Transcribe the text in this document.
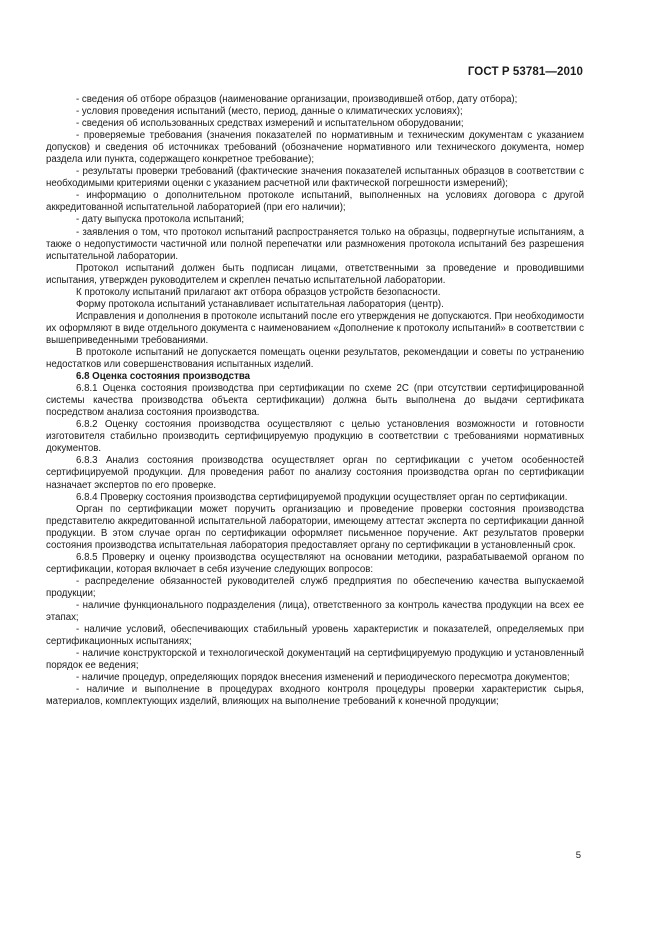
ГОСТ Р 53781—2010

- сведения об отборе образцов (наименование организации, производившей отбор, дату отбора);

- условия проведения испытаний (место, период, данные о климатических условиях);

- сведения об использованных средствах измерений и испытательном оборудовании;

- проверяемые требования (значения показателей по нормативным и техническим документам с указанием допусков) и сведения об источниках требований (обозначение нормативного или технического документа, номер раздела или пункта, содержащего конкретное требование);

- результаты проверки требований (фактические значения показателей испытанных образцов в соответствии с необходимыми критериями оценки с указанием расчетной или фактической погрешности измерений);

- информацию о дополнительном протоколе испытаний, выполненных на условиях договора с другой аккредитованной испытательной лабораторией (при его наличии);

- дату выпуска протокола испытаний;

- заявления о том, что протокол испытаний распространяется только на образцы, подвергнутые испытаниям, а также о недопустимости частичной или полной перепечатки или размножения протокола испытаний без разрешения испытательной лаборатории.

Протокол испытаний должен быть подписан лицами, ответственными за проведение и проводившими испытания, утвержден руководителем и скреплен печатью испытательной лаборатории.

К протоколу испытаний прилагают акт отбора образцов устройств безопасности.

Форму протокола испытаний устанавливает испытательная лаборатория (центр).

Исправления и дополнения в протоколе испытаний после его утверждения не допускаются. При необходимости их оформляют в виде отдельного документа с наименованием «Дополнение к протоколу испытаний» в соответствии с вышеприведенными требованиями.

В протоколе испытаний не допускается помещать оценки результатов, рекомендации и советы по устранению недостатков или совершенствования испытанных изделий.

6.8 Оценка состояния производства

6.8.1 Оценка состояния производства при сертификации по схеме 2С (при отсутствии сертифицированной системы качества производства объекта сертификации) должна быть выполнена до выдачи сертификата посредством анализа состояния производства.

6.8.2 Оценку состояния производства осуществляют с целью установления возможности и готовности изготовителя стабильно производить сертифицируемую продукцию в соответствии с требованиями нормативных документов.

6.8.3 Анализ состояния производства осуществляет орган по сертификации с учетом особенностей сертифицируемой продукции. Для проведения работ по анализу состояния производства орган по сертификации назначает экспертов по его проверке.

6.8.4 Проверку состояния производства сертифицируемой продукции осуществляет орган по сертификации.

Орган по сертификации может поручить организацию и проведение проверки состояния производства представителю аккредитованной испытательной лаборатории, имеющему аттестат эксперта по сертификации данной продукции. В этом случае орган по сертификации оформляет письменное поручение. Акт результатов проверки состояния производства испытательная лаборатория предоставляет органу по сертификации в установленный срок.

6.8.5 Проверку и оценку производства осуществляют на основании методики, разрабатываемой органом по сертификации, которая включает в себя изучение следующих вопросов:

- распределение обязанностей руководителей служб предприятия по обеспечению качества выпускаемой продукции;

- наличие функционального подразделения (лица), ответственного за контроль качества продукции на всех ее этапах;

- наличие условий, обеспечивающих стабильный уровень характеристик и показателей, определяемых при сертификационных испытаниях;

- наличие конструкторской и технологической документаций на сертифицируемую продукцию и установленный порядок ее ведения;

- наличие процедур, определяющих порядок внесения изменений и периодического пересмотра документов;

- наличие и выполнение в процедурах входного контроля процедуры проверки характеристик сырья, материалов, комплектующих изделий, влияющих на выполнение требований к конечной продукции;

5
